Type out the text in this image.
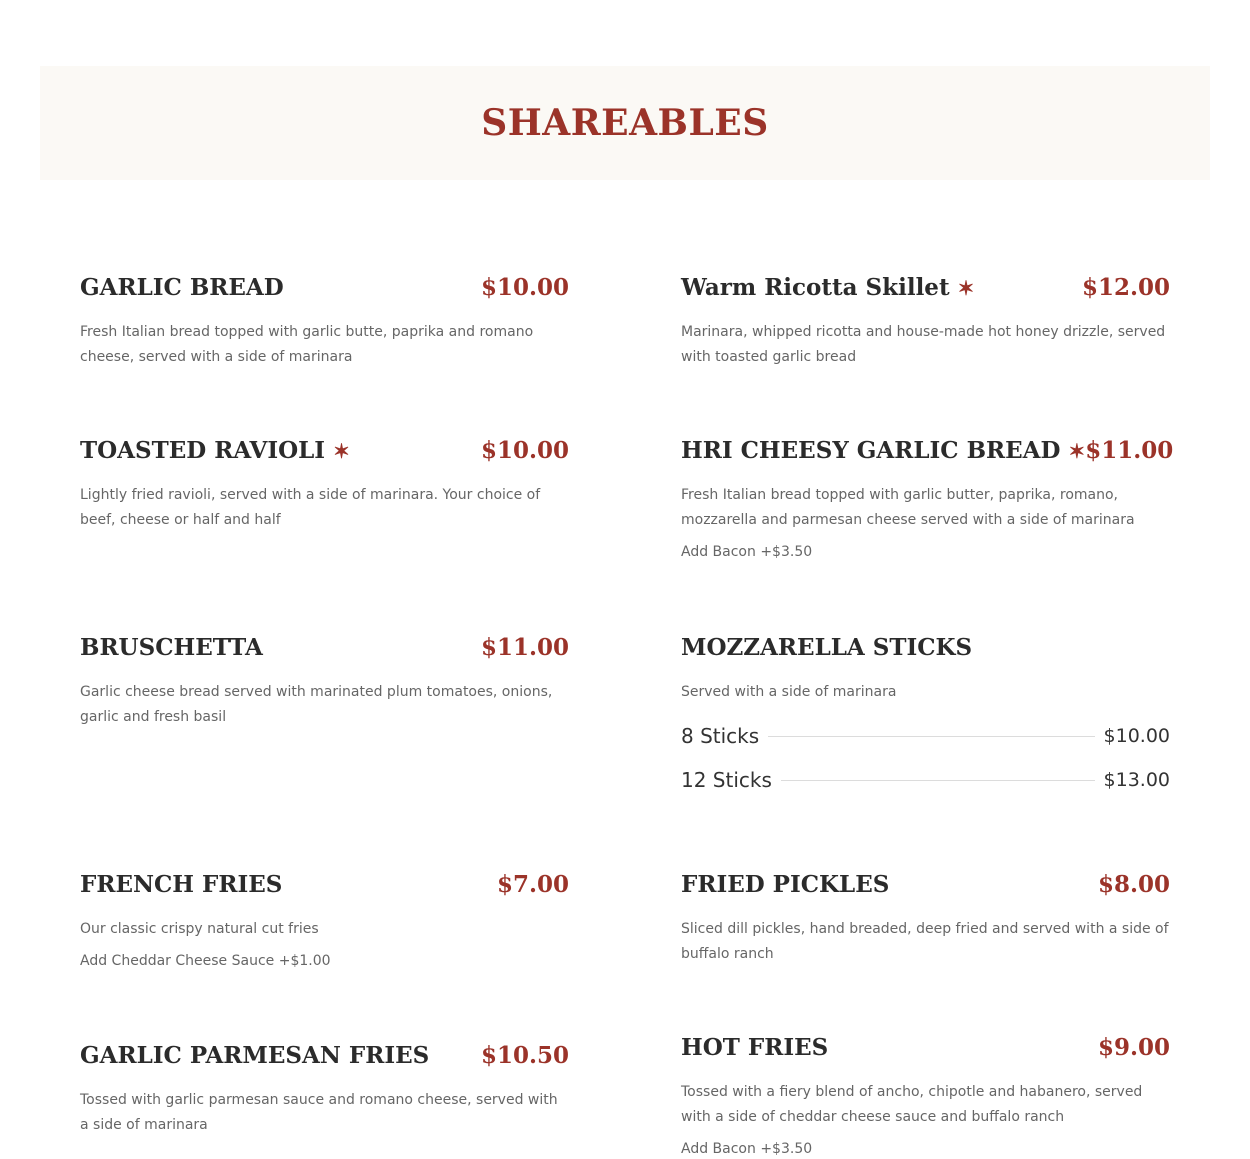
SHAREABLES
GARLIC BREAD	$10.00
Fresh Italian bread topped with garlic butte, paprika and romano cheese, served with a side of marinara
Warm Ricotta Skillet ✶	$12.00
Marinara, whipped ricotta and house-made hot honey drizzle, served with toasted garlic bread
TOASTED RAVIOLI ✶	$10.00
Lightly fried ravioli, served with a side of marinara. Your choice of beef, cheese or half and half
HRI CHEESY GARLIC BREAD ✶ $11.00
Fresh Italian bread topped with garlic butter, paprika, romano, mozzarella and parmesan cheese served with a side of marinara
Add Bacon +$3.50
BRUSCHETTA	$11.00
Garlic cheese bread served with marinated plum tomatoes, onions, garlic and fresh basil
MOZZARELLA STICKS
Served with a side of marinara
8 Sticks	$10.00
12 Sticks	$13.00
FRENCH FRIES	$7.00
Our classic crispy natural cut fries
Add Cheddar Cheese Sauce +$1.00
FRIED PICKLES	$8.00
Sliced dill pickles, hand breaded, deep fried and served with a side of buffalo ranch
GARLIC PARMESAN FRIES $10.50
Tossed with garlic parmesan sauce and romano cheese, served with a side of marinara
HOT FRIES	$9.00
Tossed with a fiery blend of ancho, chipotle and habanero, served with a side of cheddar cheese sauce and buffalo ranch
Add Bacon +$3.50
